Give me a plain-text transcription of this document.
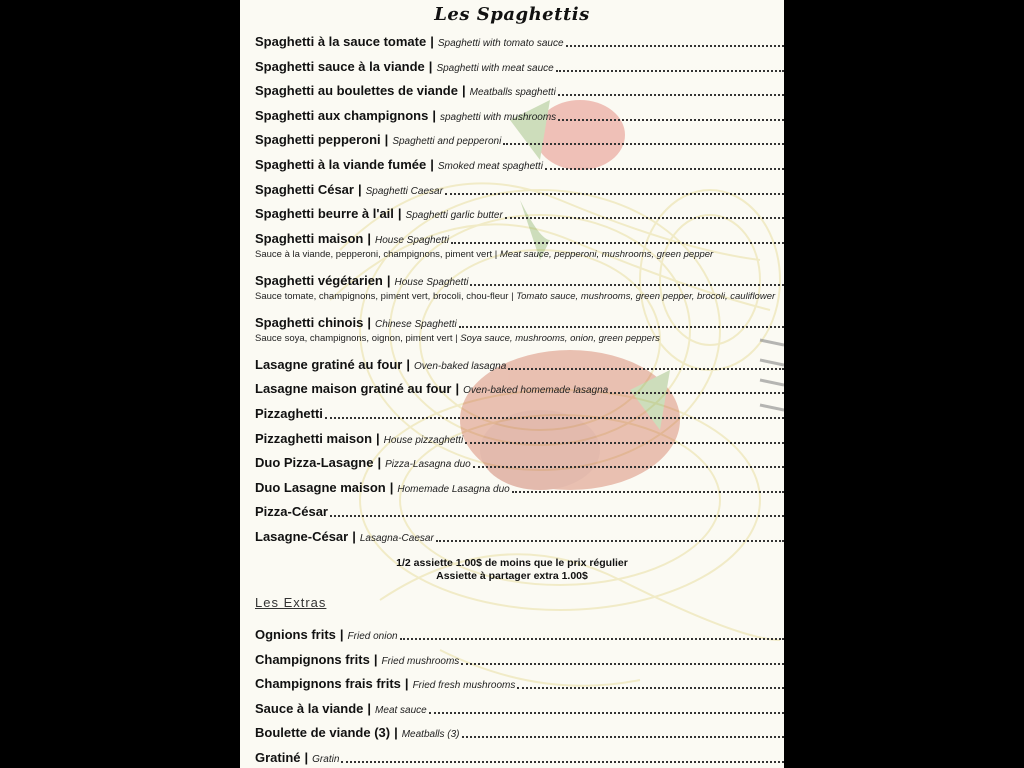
Les Spaghettis
Spaghetti à la sauce tomate | Spaghetti with tomato sauce
Spaghetti sauce à la viande | Spaghetti with meat sauce
Spaghetti au boulettes de viande | Meatballs spaghetti
Spaghetti aux champignons | spaghetti with mushrooms
Spaghetti pepperoni | Spaghetti and pepperoni
Spaghetti à la viande fumée | Smoked meat spaghetti
Spaghetti César | Spaghetti Caesar
Spaghetti beurre à l'ail | Spaghetti garlic butter
Spaghetti maison | House Spaghetti
Sauce à la viande, pepperoni, champignons, piment vert | Meat sauce, pepperoni, mushrooms, green pepper
Spaghetti végétarien | House Spaghetti
Sauce tomate, champignons, piment vert, brocoli, chou-fleur | Tomato sauce, mushrooms, green pepper, brocoli, cauliflower
Spaghetti chinois | Chinese Spaghetti
Sauce soya, champignons, oignon, piment vert | Soya sauce, mushrooms, onion, green peppers
Lasagne gratiné au four | Oven-baked lasagna
Lasagne maison gratiné au four | Oven-baked homemade lasagna
Pizzaghetti
Pizzaghetti maison | House pizzaghetti
Duo Pizza-Lasagne | Pizza-Lasagna duo
Duo Lasagne maison | Homemade Lasagna duo
Pizza-César
Lasagne-César | Lasagna-Caesar
1/2 assiette 1.00$ de moins que le prix régulier
Assiette à partager extra 1.00$
Les Extras
Ognions frits | Fried onion
Champignons frits | Fried mushrooms
Champignons frais frits | Fried fresh mushrooms
Sauce à la viande | Meat sauce
Boulette de viande (3) | Meatballs (3)
Gratiné | Gratin
